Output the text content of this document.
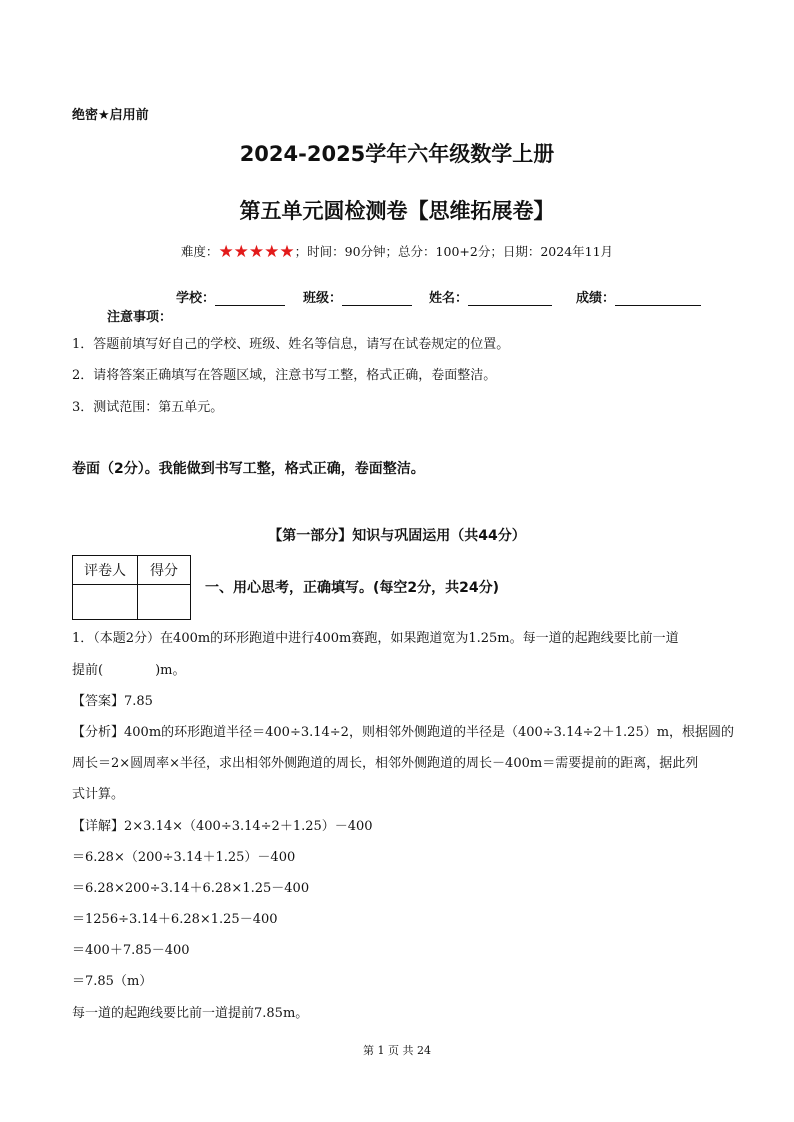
绝密★启用前
2024-2025学年六年级数学上册
第五单元圆检测卷【思维拓展卷】
难度：★★★★★；时间：90分钟；总分：100+2分；日期：2024年11月
学校：	班级：	姓名：	成绩：
注意事项：
1．答题前填写好自己的学校、班级、姓名等信息，请写在试卷规定的位置。
2．请将答案正确填写在答题区域，注意书写工整，格式正确，卷面整洁。
3．测试范围：第五单元。
卷面（2分）。我能做到书写工整，格式正确，卷面整洁。
【第一部分】知识与巩固运用（共44分）
评卷人	得分

一、用心思考，正确填写。(每空2分，共24分)
1．（本题2分）在400m的环形跑道中进行400m赛跑，如果跑道宽为1.25m。每一道的起跑线要比前一道
提前(　　　　)m。
【答案】7.85
【分析】400m的环形跑道半径＝400÷3.14÷2，则相邻外侧跑道的半径是（400÷3.14÷2＋1.25）m，根据圆的
周长＝2×圆周率×半径，求出相邻外侧跑道的周长，相邻外侧跑道的周长－400m＝需要提前的距离，据此列
式计算。
【详解】2×3.14×（400÷3.14÷2＋1.25）－400
＝6.28×（200÷3.14＋1.25）－400
＝6.28×200÷3.14＋6.28×1.25－400
＝1256÷3.14＋6.28×1.25－400
＝400＋7.85－400
＝7.85（m）
每一道的起跑线要比前一道提前7.85m。
第 1 页 共 24
